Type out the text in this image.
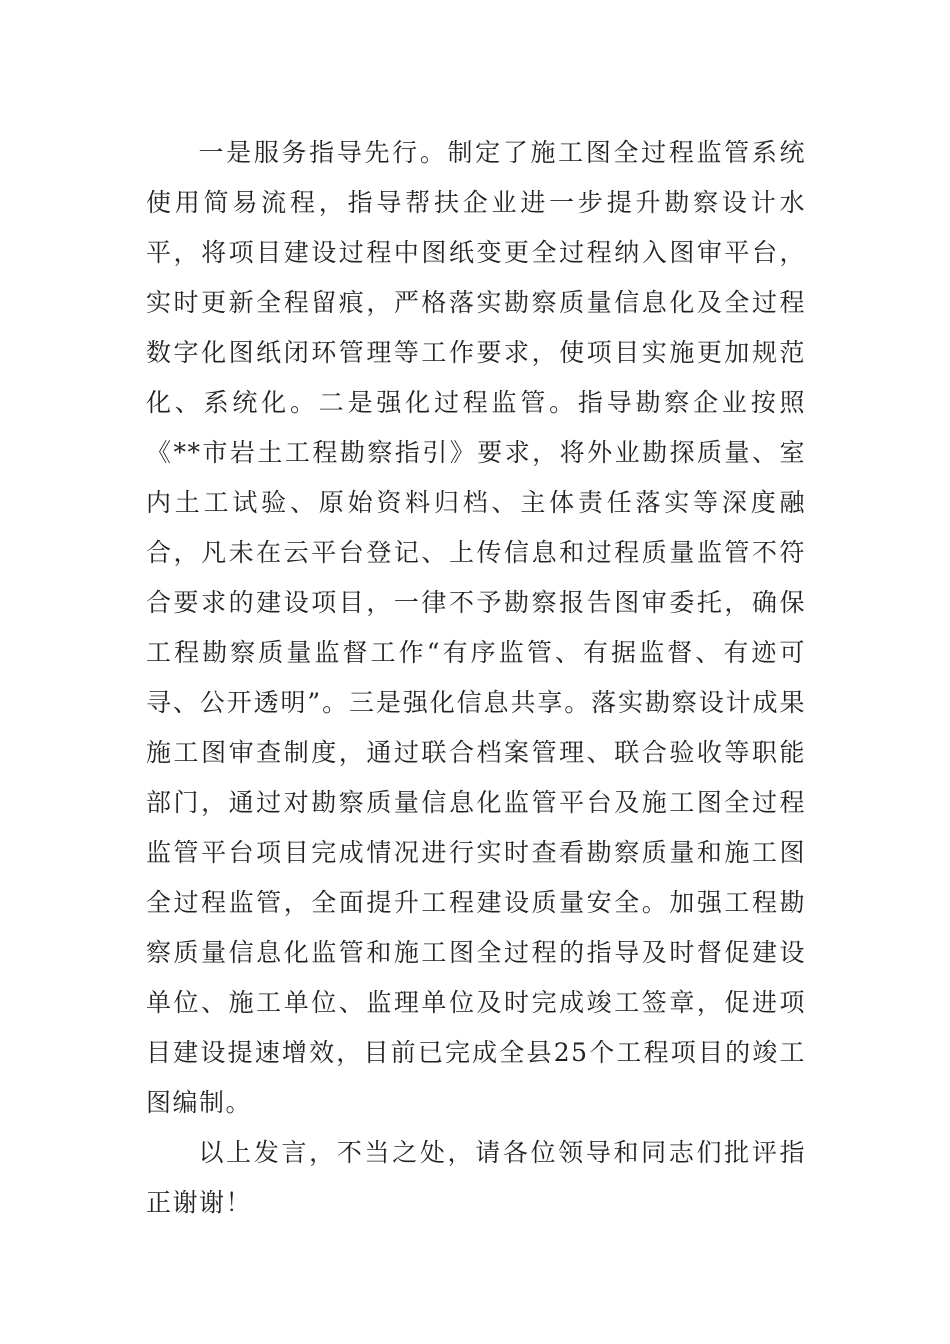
一是服务指导先行。制定了施工图全过程监管系统使用简易流程，指导帮扶企业进一步提升勘察设计水平，将项目建设过程中图纸变更全过程纳入图审平台，实时更新全程留痕，严格落实勘察质量信息化及全过程数字化图纸闭环管理等工作要求，使项目实施更加规范化、系统化。二是强化过程监管。指导勘察企业按照《**市岩土工程勘察指引》要求，将外业勘探质量、室内土工试验、原始资料归档、主体责任落实等深度融合，凡未在云平台登记、上传信息和过程质量监管不符合要求的建设项目，一律不予勘察报告图审委托，确保工程勘察质量监督工作“有序监管、有据监督、有迹可寻、公开透明”。三是强化信息共享。落实勘察设计成果施工图审查制度，通过联合档案管理、联合验收等职能部门，通过对勘察质量信息化监管平台及施工图全过程监管平台项目完成情况进行实时查看勘察质量和施工图全过程监管，全面提升工程建设质量安全。加强工程勘察质量信息化监管和施工图全过程的指导及时督促建设单位、施工单位、监理单位及时完成竣工签章，促进项目建设提速增效，目前已完成全县25个工程项目的竣工图编制。

以上发言，不当之处，请各位领导和同志们批评指正谢谢！
